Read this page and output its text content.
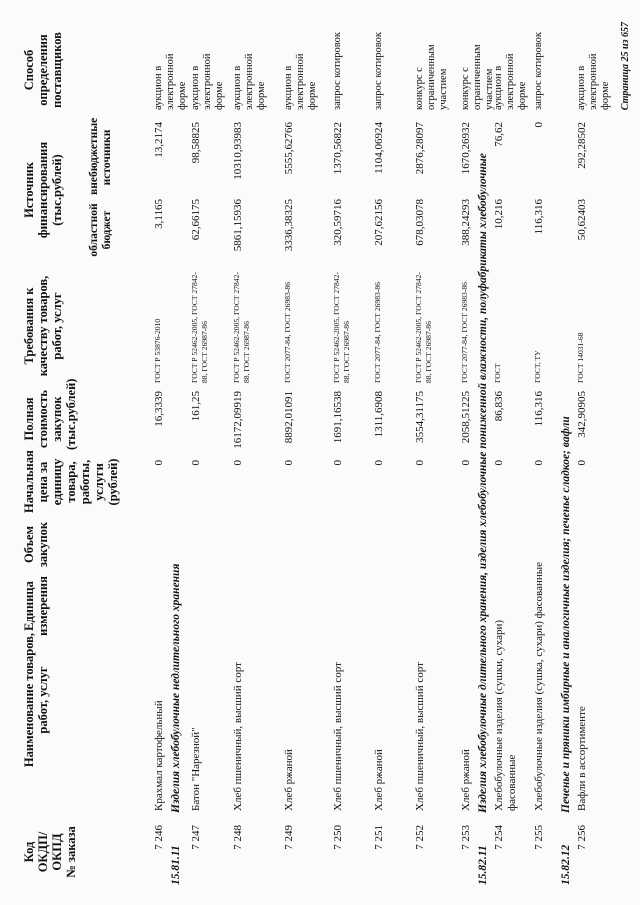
Код ОКДП/ ОКПД № заказа
Наименование товаров, работ, услуг
Единица измерения
Объем закупок
Начальная цена за единицу товара, работы, услуги (рублей)
Полная стоимость закупок (тыс.рублей)
Требования к качеству товаров, работ, услуг
Источник финансирования (тыс.рублей)
областной бюджет
внебюджетные источники
Способ определения поставщиков
7 246
Крахмал картофельный
0
16,3339
ГОСТ Р 53876-2010
3,1165
13,2174
аукцион в электронной форме
15.81.11
Изделия хлебобулочные недлительного хранения
7 247
Батон "Нарезной"
0
161,25
ГОСТ Р 52462-2005, ГОСТ 27842-88, ГОСТ 26987-86
62,66175
98,58825
аукцион в электронной форме
7 248
Хлеб пшеничный, высший сорт
0
16172,09919
ГОСТ Р 52462-2005, ГОСТ 27842-88, ГОСТ 26987-86
5861,15936
10310,93983
аукцион в электронной форме
7 249
Хлеб ржаной
0
8892,01091
ГОСТ 2077-84, ГОСТ 26983-86
3336,38325
5555,62766
аукцион в электронной форме
7 250
Хлеб пшеничный, высший сорт
0
1691,16538
ГОСТ Р 52462-2005, ГОСТ 27842-88, ГОСТ 26987-86
320,59716
1370,56822
запрос котировок
7 251
Хлеб ржаной
0
1311,6908
ГОСТ 2077-84, ГОСТ 26983-86
207,62156
1104,06924
запрос котировок
7 252
Хлеб пшеничный, высший сорт
0
3554,31175
ГОСТ Р 52462-2005, ГОСТ 27842-88, ГОСТ 26987-86
678,03078
2876,28097
конкурс с ограниченным участием
7 253
Хлеб ржаной
0
2058,51225
ГОСТ 2077-84, ГОСТ 26983-86
388,24293
1670,26932
конкурс с ограниченным участием
15.82.11
Изделия хлебобулочные длительного хранения, изделия хлебобулочные пониженной влажности, полуфабрикаты хлебобулочные
7 254
Хлебобулочные изделия (сушки, сухари) фасованные
0
86,836
ГОСТ
10,216
76,62
аукцион в электронной форме
7 255
Хлебобулочные изделия (сушка, сухари) фасованные
0
116,316
ГОСТ, ТУ
116,316
0
запрос котировок
15.82.12
Печенье и пряники имбирные и аналогичные изделия; печенье сладкое; вафли
7 256
Вафли в ассортименте
0
342,90905
ГОСТ 14031-68
50,62403
292,28502
аукцион в электронной форме Страница 25 из 657
